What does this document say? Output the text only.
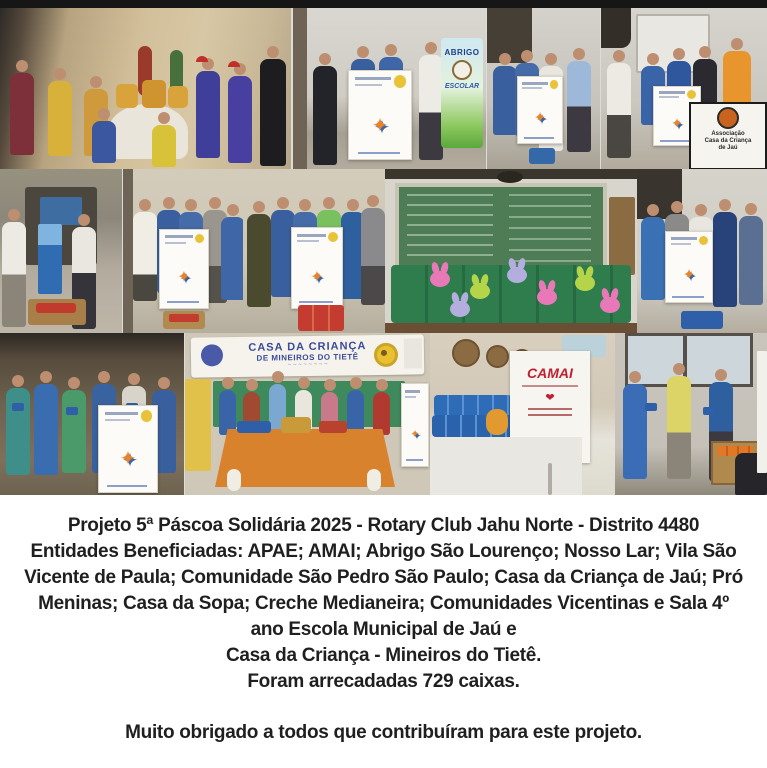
✦
ABRIGO
ESCOLAR
✦	✦
Associação
Casa da Criança
de Jaú
✦	✦	✦
✦
CASA DA CRIANÇA
DE MINEIROS DO TIETÊ
~ ~ ~ ~ ~ ~ ~ ~
✦
CAMAI
❤
Projeto 5ª Páscoa Solidária 2025 - Rotary Club Jahu Norte - Distrito 4480
Entidades Beneficiadas: APAE; AMAI; Abrigo São Lourenço; Nosso Lar; Vila São
Vicente de Paula; Comunidade São Pedro São Paulo; Casa da Criança de Jaú; Pró
Meninas; Casa da Sopa; Creche Medianeira; Comunidades Vicentinas e Sala 4º
ano Escola Municipal de Jaú e
Casa da Criança - Mineiros do Tietê.
Foram arrecadadas 729 caixas.
Muito obrigado a todos que contribuíram para este projeto.
